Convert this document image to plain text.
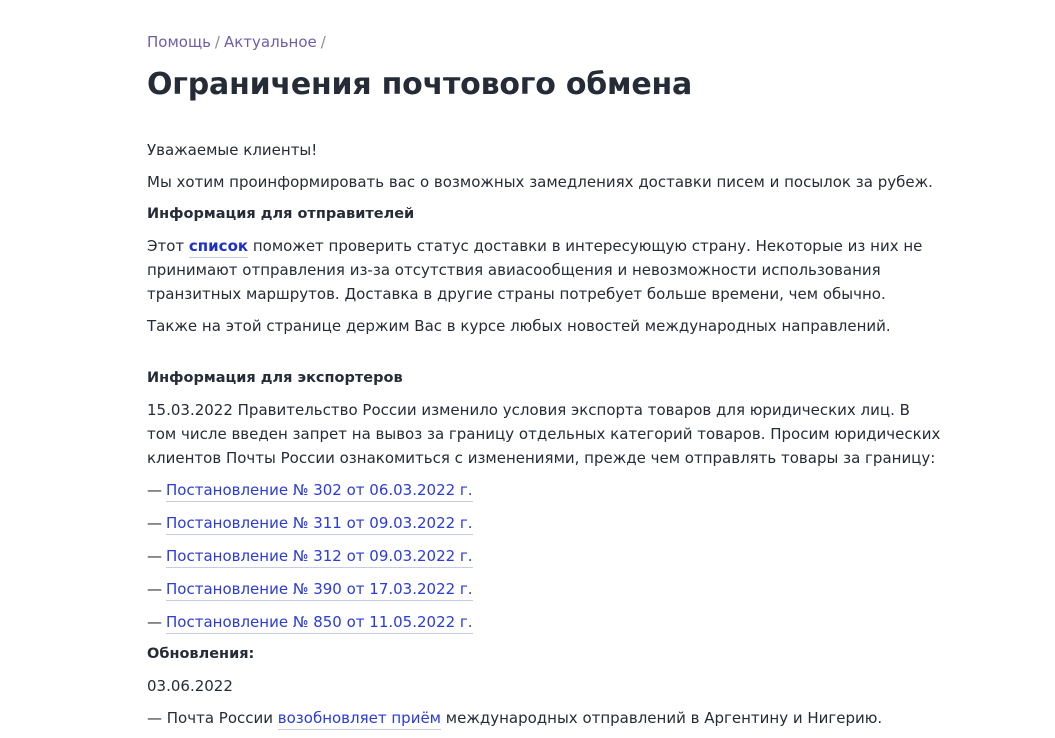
Помощь / Актуальное /
Ограничения почтового обмена

Уважаемые клиенты!

Мы хотим проинформировать вас о возможных замедлениях доставки писем и посылок за рубеж.

Информация для отправителей

Этот список поможет проверить статус доставки в интересующую страну. Некоторые из них не

принимают отправления из-за отсутствия авиасообщения и невозможности использования

транзитных маршрутов. Доставка в другие страны потребует больше времени, чем обычно.

Также на этой странице держим Вас в курсе любых новостей международных направлений.

Информация для экспортеров

15.03.2022 Правительство России изменило условия экспорта товаров для юридических лиц. В

том числе введен запрет на вывоз за границу отдельных категорий товаров. Просим юридических

клиентов Почты России ознакомиться с изменениями, прежде чем отправлять товары за границу:

— Постановление № 302 от 06.03.2022 г.

— Постановление № 311 от 09.03.2022 г.

— Постановление № 312 от 09.03.2022 г.

— Постановление № 390 от 17.03.2022 г.

— Постановление № 850 от 11.05.2022 г.

Обновления:

03.06.2022

— Почта России возобновляет приём международных отправлений в Аргентину и Нигерию.
